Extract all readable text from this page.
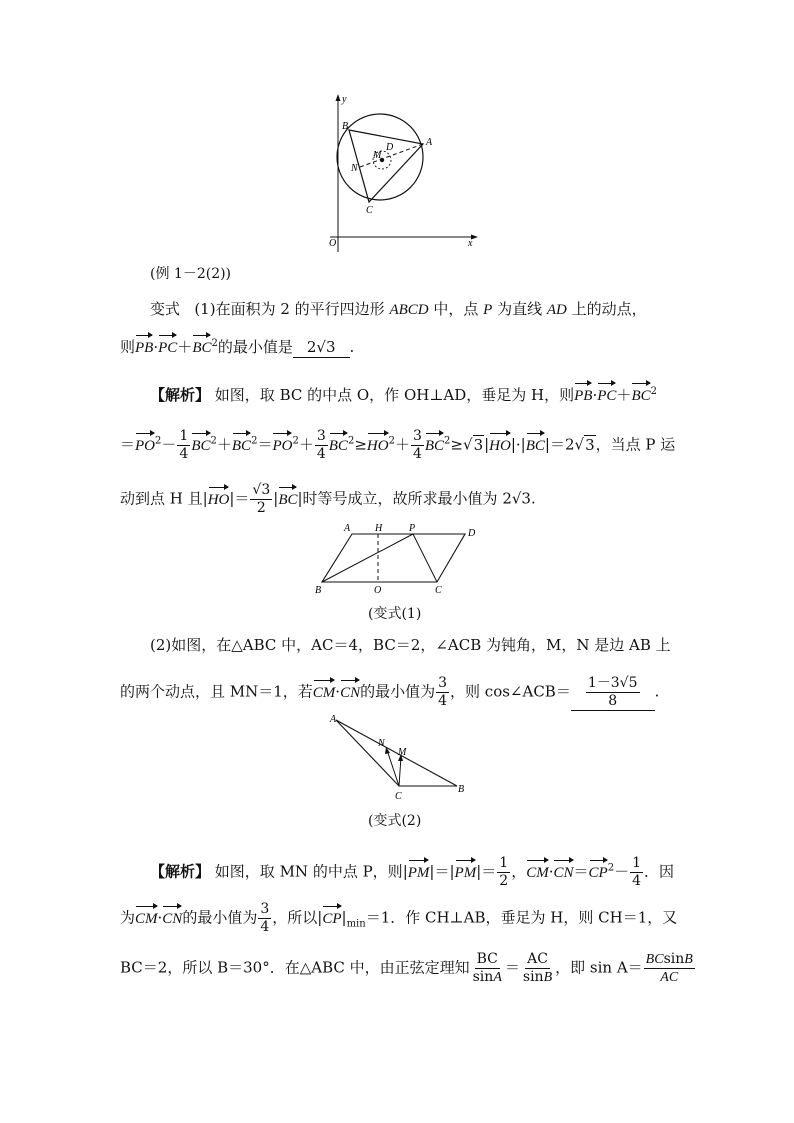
y
B
A
D
M
N
C
O	x
(例 1－2(2))
变式 (1)在面积为 2 的平行四边形 ABCD 中，点 P 为直线 AD 上的动点，
则$PB\cdot PC+BC^2$的最小值是 2√3 .
【解析】 如图，取 BC 的中点 O，作 OH⊥AD，垂足为 H，则$PB\cdot PC+BC^2$
$=PO^2- \frac{1}{4} BC^2+BC^2=PO^2+ \frac{3}{4} BC^2\ge HO^2+ \frac{3}{4} BC^2\ge√3|HO|\cdot|BC|=2√3$，当点 P 运
动到点 H 且$|HO|= \frac{√3}{2} |BC|$时等号成立，故所求最小值为 2√3.
A H	P	D
B	O	C
(变式(1)
(2)如图，在△ABC 中，AC＝4，BC＝2，∠ACB 为钝角，M，N 是边 AB 上
的两个动点，且 MN＝1，若CM·CN的最小值为 $\frac{3}{4}$ ，则 cos∠ACB＝ $\frac{1-3√5}{8}$ .
A
N
M
C
B
(变式(2)
【解析】 如图，取 MN 的中点 P，则$|PM|=|PM|= \frac{1}{2}$ ，$CM\cdot CN=CP^2- \frac{1}{4}$ ．因
为CM·CN的最小值为 $\frac{3}{4}$ ，所以$|CP|_{min}=1$．作 CH⊥AB，垂足为 H，则 CH＝1，又
BC＝2，所以 B＝30°．在△ABC 中，由正弦定理知 $\frac{BC}{\sin A} = \frac{AC}{\sin B}$ ，即 $\sin A= \frac{BCsinB}{AC}$
